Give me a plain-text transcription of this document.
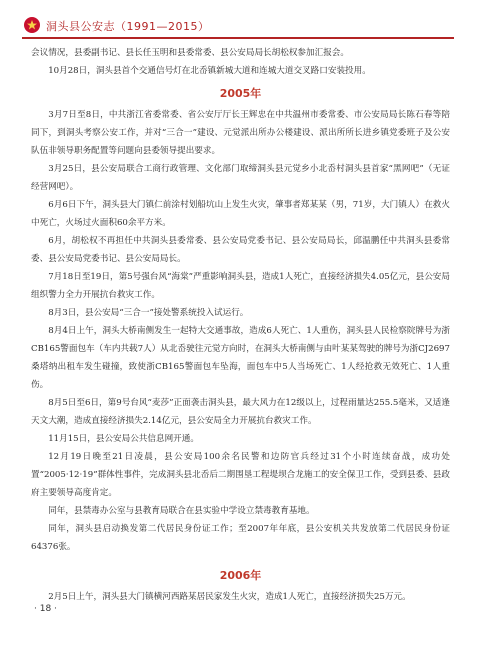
洞头县公安志（1991—2015）

会议情况，县委副书记、县长任玉明和县委常委、县公安局局长胡松权参加汇报会。

10月28日，洞头县首个交通信号灯在北岙镇新城大道和连城大道交叉路口安装投用。

2005年

3月7日至8日，中共浙江省委常委、省公安厅厅长王辉忠在中共温州市委常委、市公安局局长陈石春等陪同下，到洞头考察公安工作，并对“三合一”建设、元觉派出所办公楼建设、派出所所长进乡镇党委班子及公安队伍非领导职务配置等问题向县委领导提出要求。

3月25日，县公安局联合工商行政管理、文化部门取缔洞头县元觉乡小北岙村洞头县首家“黑网吧”（无证经营网吧）。

6月6日下午，洞头县大门镇仁前涂村划船坑山上发生火灾，肇事者郑某某（男，71岁，大门镇人）在救火中死亡，火场过火面积60余平方米。

6月，胡松权不再担任中共洞头县委常委、县公安局党委书记、县公安局局长，邱温鹏任中共洞头县委常委、县公安局党委书记、县公安局局长。

7月18日至19日，第5号强台风“海棠”严重影响洞头县，造成1人死亡，直接经济损失4.05亿元，县公安局组织警力全力开展抗台救灾工作。

8月3日，县公安局“三合一”接处警系统投入试运行。

8月4日上午，洞头大桥南侧发生一起特大交通事故，造成6人死亡、1人重伤，洞头县人民检察院牌号为浙CB165警面包车（车内共载7人）从北岙驶往元觉方向时，在洞头大桥南侧与由叶某某驾驶的牌号为浙CJ2697桑塔纳出租车发生碰撞，致使浙CB165警面包车坠海，面包车中5人当场死亡、1人经抢救无效死亡、1人重伤。

8月5日至6日，第9号台风“麦莎”正面袭击洞头县，最大风力在12级以上，过程雨量达255.5毫米，又适逢天文大潮，造成直接经济损失2.14亿元，县公安局全力开展抗台救灾工作。

11月15日，县公安局公共信息网开通。

12月19日晚至21日凌晨，县公安局100余名民警和边防官兵经过31个小时连续奋战，成功处置“2005·12·19”群体性事件，完成洞头县北岙后二期围垦工程堤坝合龙施工的安全保卫工作，受到县委、县政府主要领导高度肯定。

同年，县禁毒办公室与县教育局联合在县实验中学设立禁毒教育基地。

同年，洞头县启动换发第二代居民身份证工作；至2007年年底，县公安机关共发放第二代居民身份证64376张。

2006年

2月5日上午，洞头县大门镇横河西路某居民家发生火灾，造成1人死亡，直接经济损失25万元。

· 18 ·
